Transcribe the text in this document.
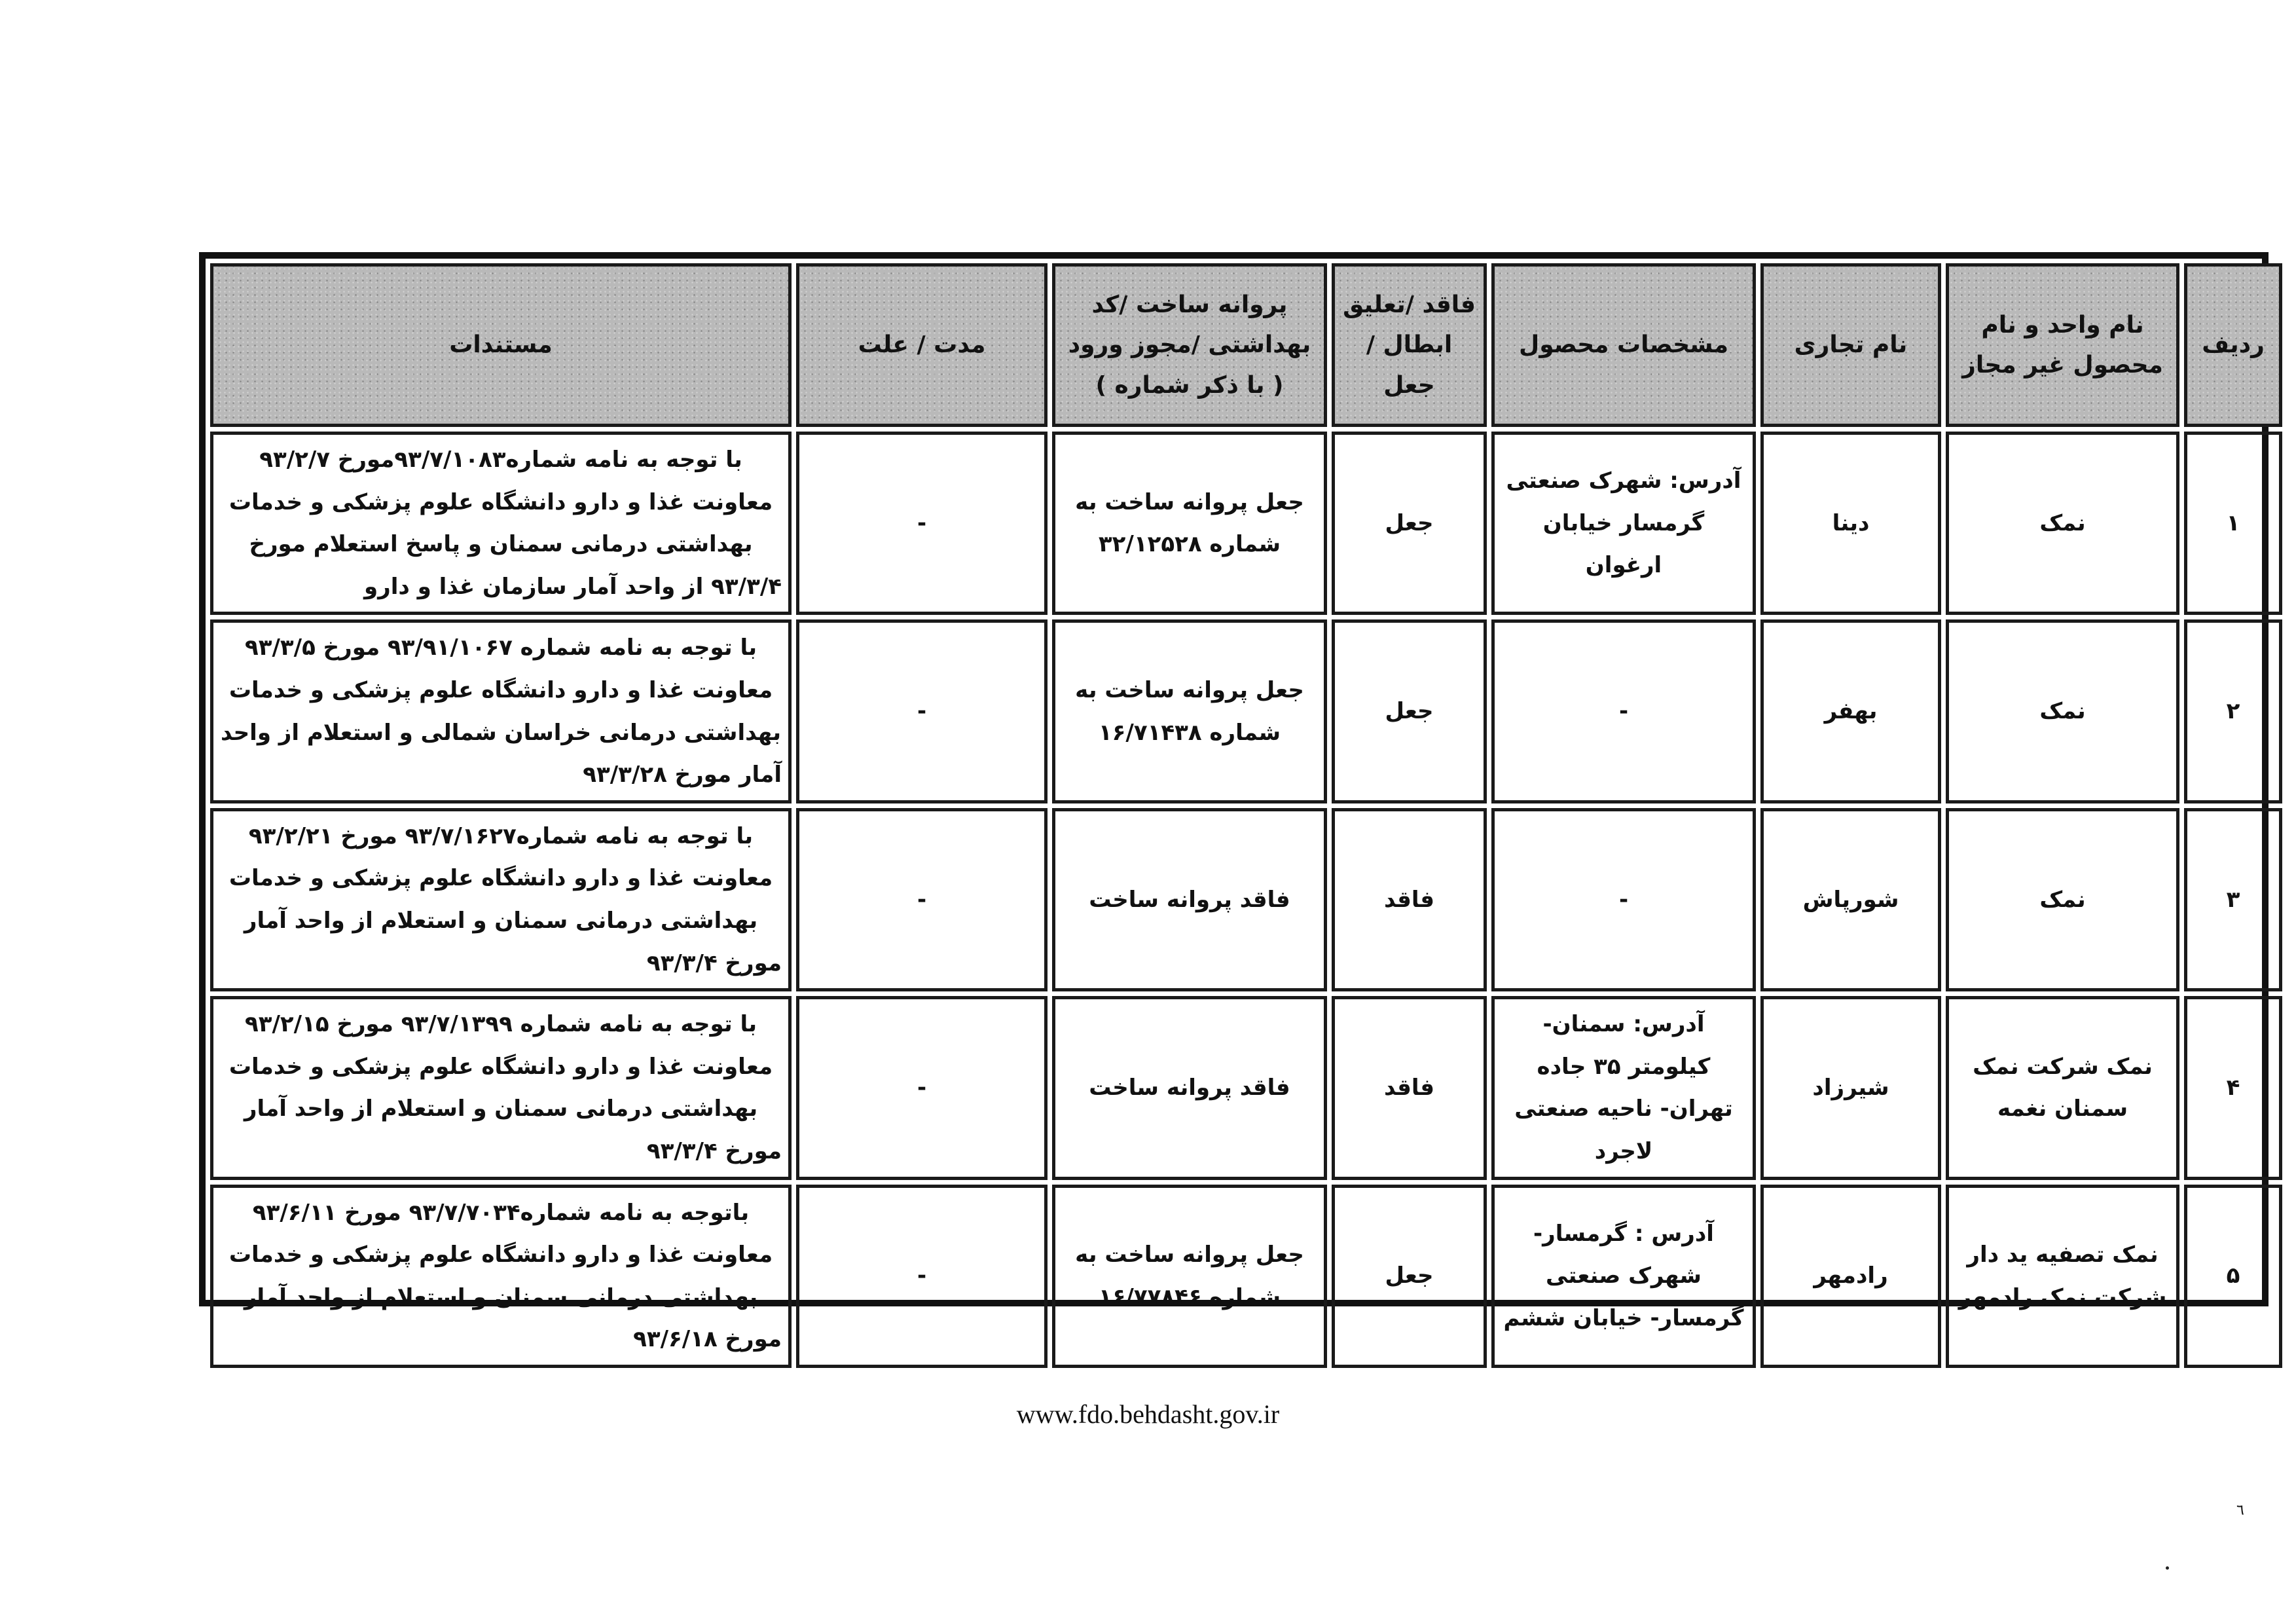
ردیف	نام واحد و نام محصول غیر مجاز	نام تجاری	مشخصات محصول	فاقد /تعلیق ابطال /جعل	پروانه ساخت /کد بهداشتی /مجوز ورود ( با ذکر شماره )	مدت / علت	مستندات
۱	نمک	دینا	آدرس: شهرک صنعتی گرمسار خیابان ارغوان	جعل	جعل پروانه ساخت به شماره ۳۲/۱۲۵۲۸	-	با توجه به نامه شماره۹۳/۷/۱۰۸۳مورخ ۹۳/۲/۷ معاونت غذا و دارو دانشگاه علوم پزشکی و خدمات بهداشتی درمانی سمنان و پاسخ استعلام مورخ ۹۳/۳/۴ از واحد آمار سازمان غذا و دارو
۲	نمک	بهفر	-	جعل	جعل پروانه ساخت به شماره ۱۶/۷۱۴۳۸	-	با توجه به نامه شماره ۹۳/۹۱/۱۰۶۷ مورخ ۹۳/۳/۵ معاونت غذا و دارو دانشگاه علوم پزشکی و خدمات بهداشتی درمانی خراسان شمالی و استعلام از واحد آمار مورخ ۹۳/۳/۲۸
۳	نمک	شورپاش	-	فاقد	فاقد پروانه ساخت	-	با توجه به نامه شماره۹۳/۷/۱۶۲۷ مورخ ۹۳/۲/۲۱ معاونت غذا و دارو دانشگاه علوم پزشکی و خدمات بهداشتی درمانی سمنان و استعلام از واحد آمار مورخ ۹۳/۳/۴
۴	نمک شرکت نمک سمنان نغمه	شیرزاد	آدرس: سمنان- کیلومتر ۳۵ جاده تهران- ناحیه صنعتی لاجرد	فاقد	فاقد پروانه ساخت	-	با توجه به نامه شماره ۹۳/۷/۱۳۹۹ مورخ ۹۳/۲/۱۵ معاونت غذا و دارو دانشگاه علوم پزشکی و خدمات بهداشتی درمانی سمنان و استعلام از واحد آمار مورخ ۹۳/۳/۴
۵	نمک تصفیه ید دار شرکت نمک رادمهر	رادمهر	آدرس : گرمسار- شهرک صنعتی گرمسار- خیابان ششم	جعل	جعل پروانه ساخت به شماره ۱۶/۷۷۸۴۶	-	باتوجه به نامه شماره۹۳/۷/۷۰۳۴ مورخ ۹۳/۶/۱۱ معاونت غذا و دارو دانشگاه علوم پزشکی و خدمات بهداشتی درمانی سمنان و استعلام از واحد آمار مورخ ۹۳/۶/۱۸
www.fdo.behdasht.gov.ir
٦
